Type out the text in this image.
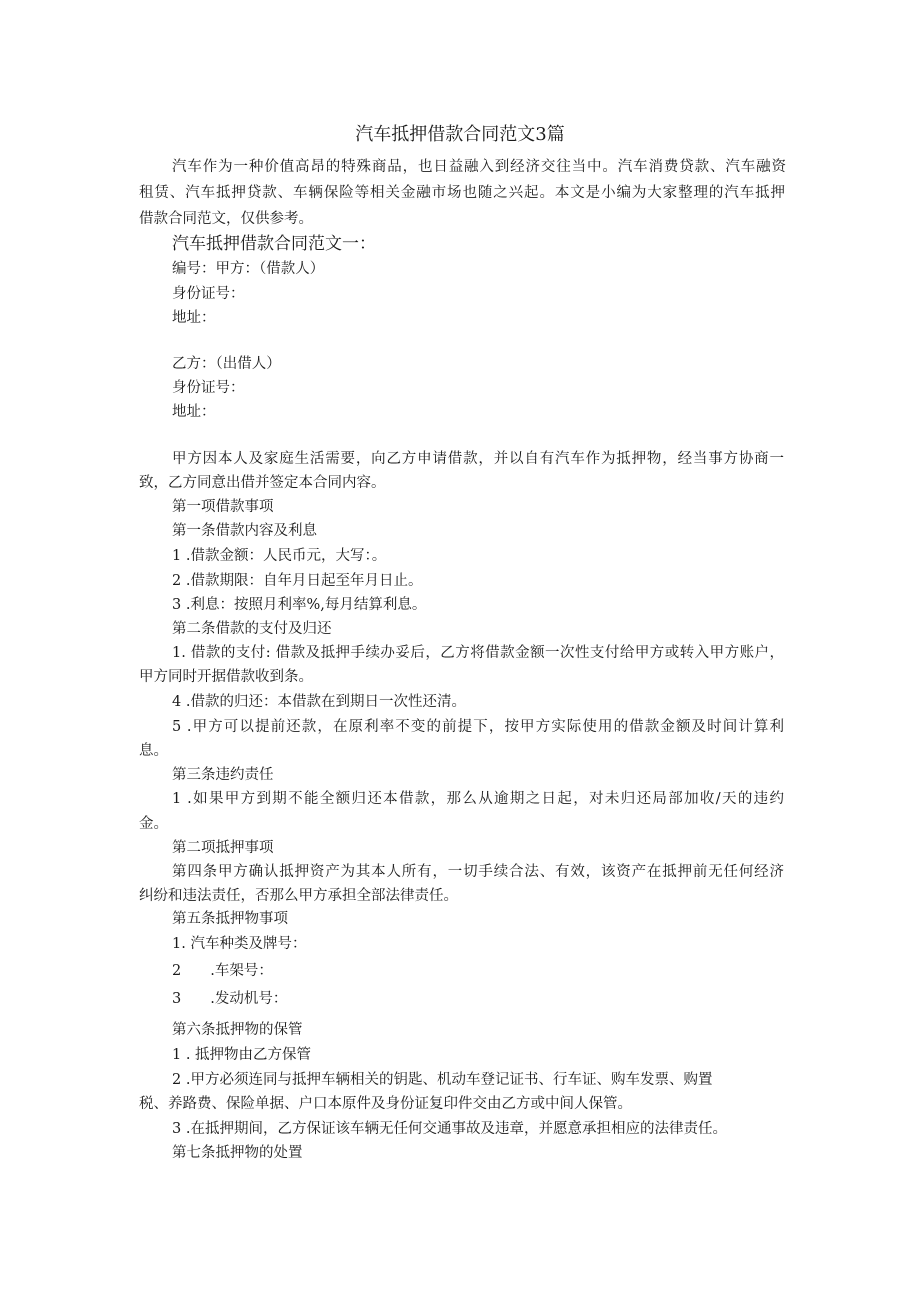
汽车抵押借款合同范文3篇
汽车作为一种价值高昂的特殊商品，也日益融入到经济交往当中。汽车消费贷款、汽车融资
租赁、汽车抵押贷款、车辆保险等相关金融市场也随之兴起。本文是小编为大家整理的汽车抵押
借款合同范文，仅供参考。
汽车抵押借款合同范文一：
编号：甲方：（借款人）
身份证号：
地址：
乙方：（出借人）
身份证号：
地址：
甲方因本人及家庭生活需要，向乙方申请借款，并以自有汽车作为抵押物，经当事方协商一
致，乙方同意出借并签定本合同内容。
第一项借款事项
第一条借款内容及利息
1 .借款金额：人民币元，大写：。
2 .借款期限：自年月日起至年月日止。
3 .利息：按照月利率%,每月结算利息。
第二条借款的支付及归还
1. 借款的支付: 借款及抵押手续办妥后，乙方将借款金额一次性支付给甲方或转入甲方账户，
甲方同时开据借款收到条。
4 .借款的归还：本借款在到期日一次性还清。
5 .甲方可以提前还款，在原利率不变的前提下，按甲方实际使用的借款金额及时间计算利
息。
第三条违约责任
1 .如果甲方到期不能全额归还本借款，那么从逾期之日起，对未归还局部加收/天的违约
金。
第二项抵押事项
第四条甲方确认抵押资产为其本人所有，一切手续合法、有效，该资产在抵押前无任何经济
纠纷和违法责任，否那么甲方承担全部法律责任。
第五条抵押物事项
1. 汽车种类及牌号：
2　　.车架号：
3　　.发动机号：
第六条抵押物的保管
1 . 抵押物由乙方保管
2 .甲方必须连同与抵押车辆相关的钥匙、机动车登记证书、行车证、购车发票、购置
税、养路费、保险单据、户口本原件及身份证复印件交由乙方或中间人保管。
3 .在抵押期间，乙方保证该车辆无任何交通事故及违章，并愿意承担相应的法律责任。
第七条抵押物的处置
